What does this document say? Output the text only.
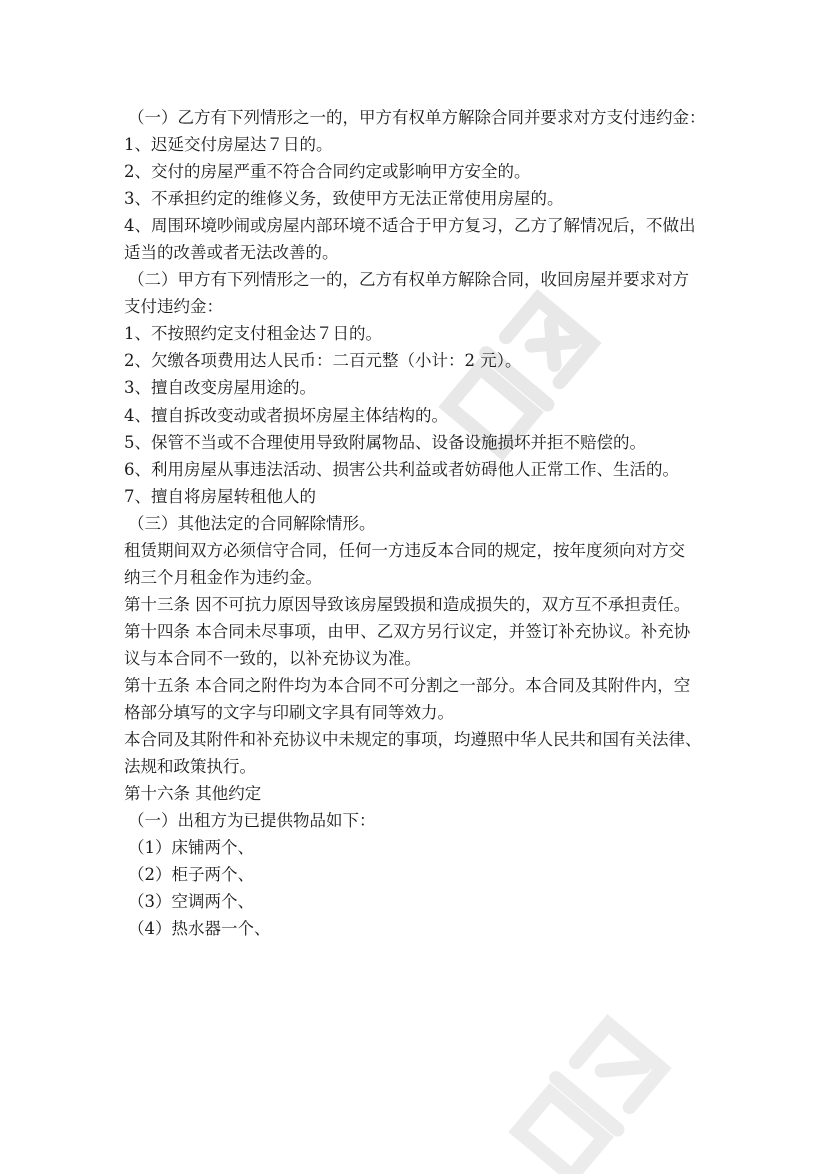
（一）乙方有下列情形之一的，甲方有权单方解除合同并要求对方支付违约金：
1、迟延交付房屋达７日的。
2、交付的房屋严重不符合合同约定或影响甲方安全的。
3、不承担约定的维修义务，致使甲方无法正常使用房屋的。
4、周围环境吵闹或房屋内部环境不适合于甲方复习，乙方了解情况后，不做出
适当的改善或者无法改善的。
（二）甲方有下列情形之一的，乙方有权单方解除合同，收回房屋并要求对方
支付违约金：
1、不按照约定支付租金达７日的。
2、欠缴各项费用达人民币：二百元整（小计：2 元）。
3、擅自改变房屋用途的。
4、擅自拆改变动或者损坏房屋主体结构的。
5、保管不当或不合理使用导致附属物品、设备设施损坏并拒不赔偿的。
6、利用房屋从事违法活动、损害公共利益或者妨碍他人正常工作、生活的。
7、擅自将房屋转租他人的
（三）其他法定的合同解除情形。
租赁期间双方必须信守合同，任何一方违反本合同的规定，按年度须向对方交
纳三个月租金作为违约金。
第十三条 因不可抗力原因导致该房屋毁损和造成损失的，双方互不承担责任。
第十四条 本合同未尽事项，由甲、乙双方另行议定，并签订补充协议。补充协
议与本合同不一致的，以补充协议为准。
第十五条 本合同之附件均为本合同不可分割之一部分。本合同及其附件内，空
格部分填写的文字与印刷文字具有同等效力。
本合同及其附件和补充协议中未规定的事项，均遵照中华人民共和国有关法律、
法规和政策执行。
第十六条 其他约定
（一）出租方为已提供物品如下：
（1）床铺两个、
（2）柜子两个、
（3）空调两个、
（4）热水器一个、
